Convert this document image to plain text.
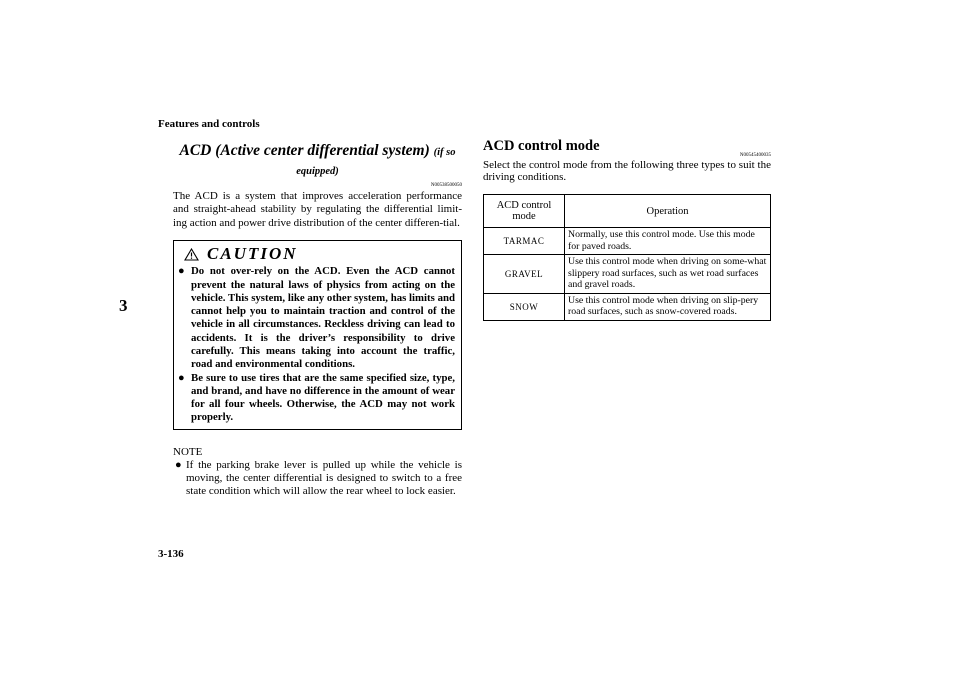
Features and controls
3
3-136
ACD (Active center differential system) (if so equipped)
N00538500050
The ACD is a system that improves acceleration performance and straight-ahead stability by regulating the differential limit-ing action and power drive distribution of the center differen-tial.
CAUTION
● Do not over-rely on the ACD. Even the ACD cannot prevent the natural laws of physics from acting on the vehicle. This system, like any other system, has limits and cannot help you to maintain traction and control of the vehicle in all circumstances. Reckless driving can lead to accidents. It is the driver’s responsibility to drive carefully. This means taking into account the traffic, road and environmental conditions.
● Be sure to use tires that are the same specified size, type, and brand, and have no difference in the amount of wear for all four wheels. Otherwise, the ACD may not work properly.
NOTE
● If the parking brake lever is pulled up while the vehicle is moving, the center differential is designed to switch to a free state condition which will allow the rear wheel to lock easier.
ACD control mode
N00545400035
Select the control mode from the following three types to suit the driving conditions.
ACD control mode	Operation
TARMAC	Normally, use this control mode. Use this mode for paved roads.
GRAVEL	Use this control mode when driving on some-what slippery road surfaces, such as wet road surfaces and gravel roads.
SNOW	Use this control mode when driving on slip-pery road surfaces, such as snow-covered roads.
